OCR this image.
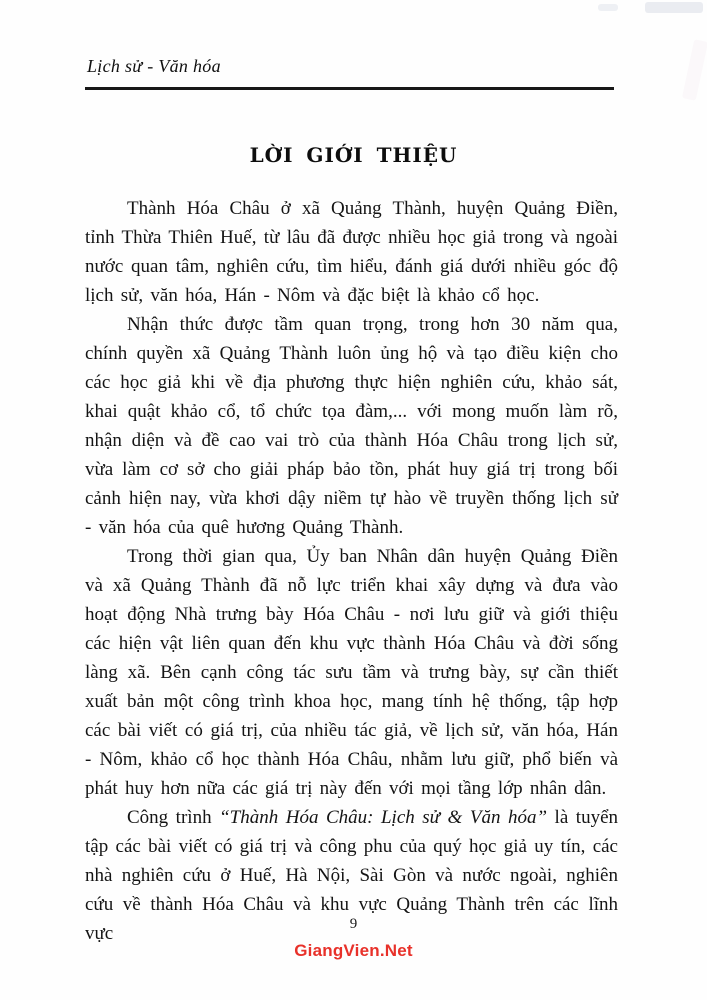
Lịch sử - Văn hóa
LỜI GIỚI THIỆU

Thành Hóa Châu ở xã Quảng Thành, huyện Quảng Điền, tỉnh Thừa Thiên Huế, từ lâu đã được nhiều học giả trong và ngoài nước quan tâm, nghiên cứu, tìm hiểu, đánh giá dưới nhiều góc độ lịch sử, văn hóa, Hán - Nôm và đặc biệt là khảo cổ học.

Nhận thức được tầm quan trọng, trong hơn 30 năm qua, chính quyền xã Quảng Thành luôn ủng hộ và tạo điều kiện cho các học giả khi về địa phương thực hiện nghiên cứu, khảo sát, khai quật khảo cổ, tổ chức tọa đàm,... với mong muốn làm rõ, nhận diện và đề cao vai trò của thành Hóa Châu trong lịch sử, vừa làm cơ sở cho giải pháp bảo tồn, phát huy giá trị trong bối cảnh hiện nay, vừa khơi dậy niềm tự hào về truyền thống lịch sử - văn hóa của quê hương Quảng Thành.

Trong thời gian qua, Ủy ban Nhân dân huyện Quảng Điền và xã Quảng Thành đã nỗ lực triển khai xây dựng và đưa vào hoạt động Nhà trưng bày Hóa Châu - nơi lưu giữ và giới thiệu các hiện vật liên quan đến khu vực thành Hóa Châu và đời sống làng xã. Bên cạnh công tác sưu tầm và trưng bày, sự cần thiết xuất bản một công trình khoa học, mang tính hệ thống, tập hợp các bài viết có giá trị, của nhiều tác giả, về lịch sử, văn hóa, Hán - Nôm, khảo cổ học thành Hóa Châu, nhằm lưu giữ, phổ biến và phát huy hơn nữa các giá trị này đến với mọi tầng lớp nhân dân.

Công trình “Thành Hóa Châu: Lịch sử & Văn hóa” là tuyển tập các bài viết có giá trị và công phu của quý học giả uy tín, các nhà nghiên cứu ở Huế, Hà Nội, Sài Gòn và nước ngoài, nghiên cứu về thành Hóa Châu và khu vực Quảng Thành trên các lĩnh vực	9
GiangVien.Net
